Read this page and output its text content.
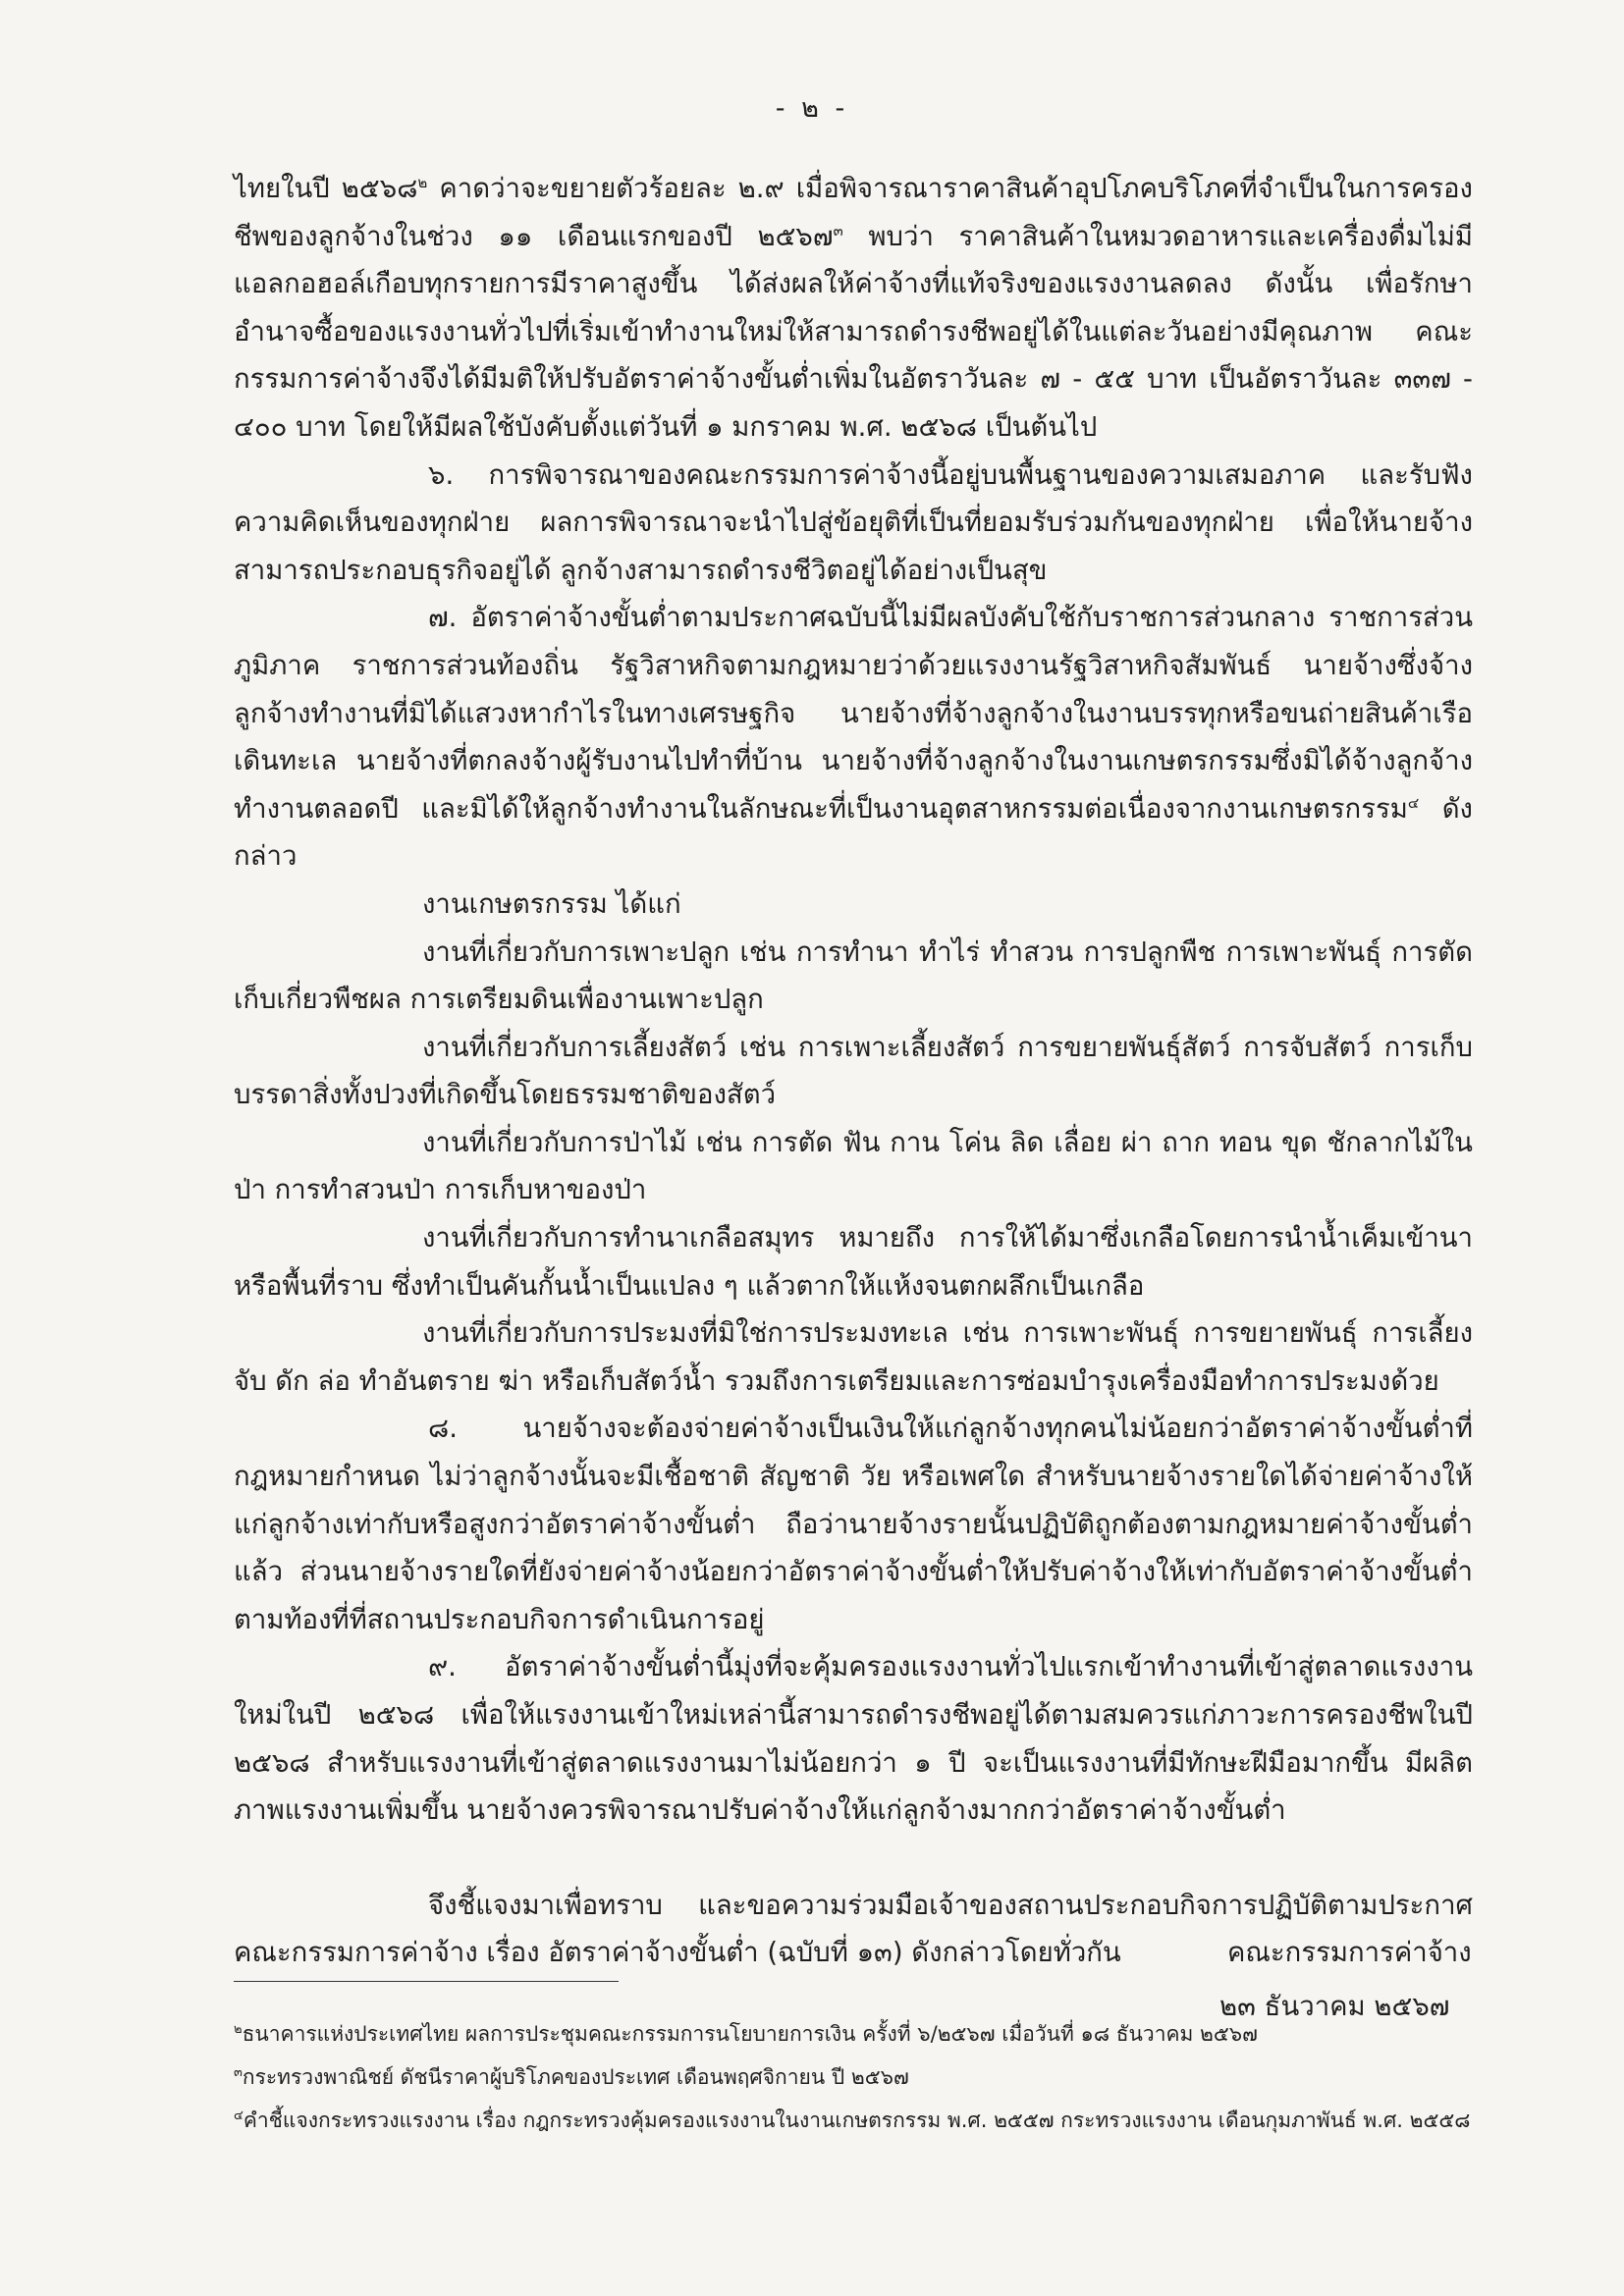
- ๒ -

ไทยในปี ๒๕๖๘$^๒$ คาดว่าจะขยายตัวร้อยละ ๒.๙ เมื่อพิจารณาราคาสินค้าอุปโภคบริโภคที่จำเป็นในการครองชีพของลูกจ้างในช่วง ๑๑ เดือนแรกของปี ๒๕๖๗$^๓$ พบว่า ราคาสินค้าในหมวดอาหารและเครื่องดื่มไม่มีแอลกอฮอล์เกือบทุกรายการมีราคาสูงขึ้น ได้ส่งผลให้ค่าจ้างที่แท้จริงของแรงงานลดลง ดังนั้น เพื่อรักษาอำนาจซื้อของแรงงานทั่วไปที่เริ่มเข้าทำงานใหม่ให้สามารถดำรงชีพอยู่ได้ในแต่ละวันอย่างมีคุณภาพ คณะกรรมการค่าจ้างจึงได้มีมติให้ปรับอัตราค่าจ้างขั้นต่ำเพิ่มในอัตราวันละ ๗ - ๕๕ บาท เป็นอัตราวันละ ๓๓๗ - ๔๐๐ บาท โดยให้มีผลใช้บังคับตั้งแต่วันที่ ๑ มกราคม พ.ศ. ๒๕๖๘ เป็นต้นไป

๖. การพิจารณาของคณะกรรมการค่าจ้างนี้อยู่บนพื้นฐานของความเสมอภาค และรับฟังความคิดเห็นของทุกฝ่าย ผลการพิจารณาจะนำไปสู่ข้อยุติที่เป็นที่ยอมรับร่วมกันของทุกฝ่าย เพื่อให้นายจ้างสามารถประกอบธุรกิจอยู่ได้ ลูกจ้างสามารถดำรงชีวิตอยู่ได้อย่างเป็นสุข

๗. อัตราค่าจ้างขั้นต่ำตามประกาศฉบับนี้ไม่มีผลบังคับใช้กับราชการส่วนกลาง ราชการส่วนภูมิภาค ราชการส่วนท้องถิ่น รัฐวิสาหกิจตามกฎหมายว่าด้วยแรงงานรัฐวิสาหกิจสัมพันธ์ นายจ้างซึ่งจ้างลูกจ้างทำงานที่มิได้แสวงหากำไรในทางเศรษฐกิจ นายจ้างที่จ้างลูกจ้างในงานบรรทุกหรือขนถ่ายสินค้าเรือเดินทะเล นายจ้างที่ตกลงจ้างผู้รับงานไปทำที่บ้าน นายจ้างที่จ้างลูกจ้างในงานเกษตรกรรมซึ่งมิได้จ้างลูกจ้างทำงานตลอดปี และมิได้ให้ลูกจ้างทำงานในลักษณะที่เป็นงานอุตสาหกรรมต่อเนื่องจากงานเกษตรกรรม$^๔$ ดังกล่าว

งานเกษตรกรรม ได้แก่

งานที่เกี่ยวกับการเพาะปลูก เช่น การทำนา ทำไร่ ทำสวน การปลูกพืช การเพาะพันธุ์ การตัดเก็บเกี่ยวพืชผล การเตรียมดินเพื่องานเพาะปลูก

งานที่เกี่ยวกับการเลี้ยงสัตว์ เช่น การเพาะเลี้ยงสัตว์ การขยายพันธุ์สัตว์ การจับสัตว์ การเก็บบรรดาสิ่งทั้งปวงที่เกิดขึ้นโดยธรรมชาติของสัตว์

งานที่เกี่ยวกับการป่าไม้ เช่น การตัด ฟัน กาน โค่น ลิด เลื่อย ผ่า ถาก ทอน ขุด ชักลากไม้ในป่า การทำสวนป่า การเก็บหาของป่า

งานที่เกี่ยวกับการทำนาเกลือสมุทร หมายถึง การให้ได้มาซึ่งเกลือโดยการนำน้ำเค็มเข้านาหรือพื้นที่ราบ ซึ่งทำเป็นคันกั้นน้ำเป็นแปลง ๆ แล้วตากให้แห้งจนตกผลึกเป็นเกลือ

งานที่เกี่ยวกับการประมงที่มิใช่การประมงทะเล เช่น การเพาะพันธุ์ การขยายพันธุ์ การเลี้ยง จับ ดัก ล่อ ทำอันตราย ฆ่า หรือเก็บสัตว์น้ำ รวมถึงการเตรียมและการซ่อมบำรุงเครื่องมือทำการประมงด้วย

๘. นายจ้างจะต้องจ่ายค่าจ้างเป็นเงินให้แก่ลูกจ้างทุกคนไม่น้อยกว่าอัตราค่าจ้างขั้นต่ำที่กฎหมายกำหนด ไม่ว่าลูกจ้างนั้นจะมีเชื้อชาติ สัญชาติ วัย หรือเพศใด สำหรับนายจ้างรายใดได้จ่ายค่าจ้างให้แก่ลูกจ้างเท่ากับหรือสูงกว่าอัตราค่าจ้างขั้นต่ำ ถือว่านายจ้างรายนั้นปฏิบัติถูกต้องตามกฎหมายค่าจ้างขั้นต่ำแล้ว ส่วนนายจ้างรายใดที่ยังจ่ายค่าจ้างน้อยกว่าอัตราค่าจ้างขั้นต่ำให้ปรับค่าจ้างให้เท่ากับอัตราค่าจ้างขั้นต่ำตามท้องที่ที่สถานประกอบกิจการดำเนินการอยู่

๙. อัตราค่าจ้างขั้นต่ำนี้มุ่งที่จะคุ้มครองแรงงานทั่วไปแรกเข้าทำงานที่เข้าสู่ตลาดแรงงานใหม่ในปี ๒๕๖๘ เพื่อให้แรงงานเข้าใหม่เหล่านี้สามารถดำรงชีพอยู่ได้ตามสมควรแก่ภาวะการครองชีพในปี ๒๕๖๘ สำหรับแรงงานที่เข้าสู่ตลาดแรงงานมาไม่น้อยกว่า ๑ ปี จะเป็นแรงงานที่มีทักษะฝีมือมากขึ้น มีผลิตภาพแรงงานเพิ่มขึ้น นายจ้างควรพิจารณาปรับค่าจ้างให้แก่ลูกจ้างมากกว่าอัตราค่าจ้างขั้นต่ำ

จึงชี้แจงมาเพื่อทราบ และขอความร่วมมือเจ้าของสถานประกอบกิจการปฏิบัติตามประกาศคณะกรรมการค่าจ้าง เรื่อง อัตราค่าจ้างขั้นต่ำ (ฉบับที่ ๑๓) ดังกล่าวโดยทั่วกัน	คณะกรรมการค่าจ้าง
๒๓ ธันวาคม ๒๕๖๗

$^๒$ธนาคารแห่งประเทศไทย ผลการประชุมคณะกรรมการนโยบายการเงิน ครั้งที่ ๖/๒๕๖๗ เมื่อวันที่ ๑๘ ธันวาคม ๒๕๖๗

$^๓$กระทรวงพาณิชย์ ดัชนีราคาผู้บริโภคของประเทศ เดือนพฤศจิกายน ปี ๒๕๖๗

$^๔$คำชี้แจงกระทรวงแรงงาน เรื่อง กฎกระทรวงคุ้มครองแรงงานในงานเกษตรกรรม พ.ศ. ๒๕๕๗ กระทรวงแรงงาน เดือนกุมภาพันธ์ พ.ศ. ๒๕๕๘
